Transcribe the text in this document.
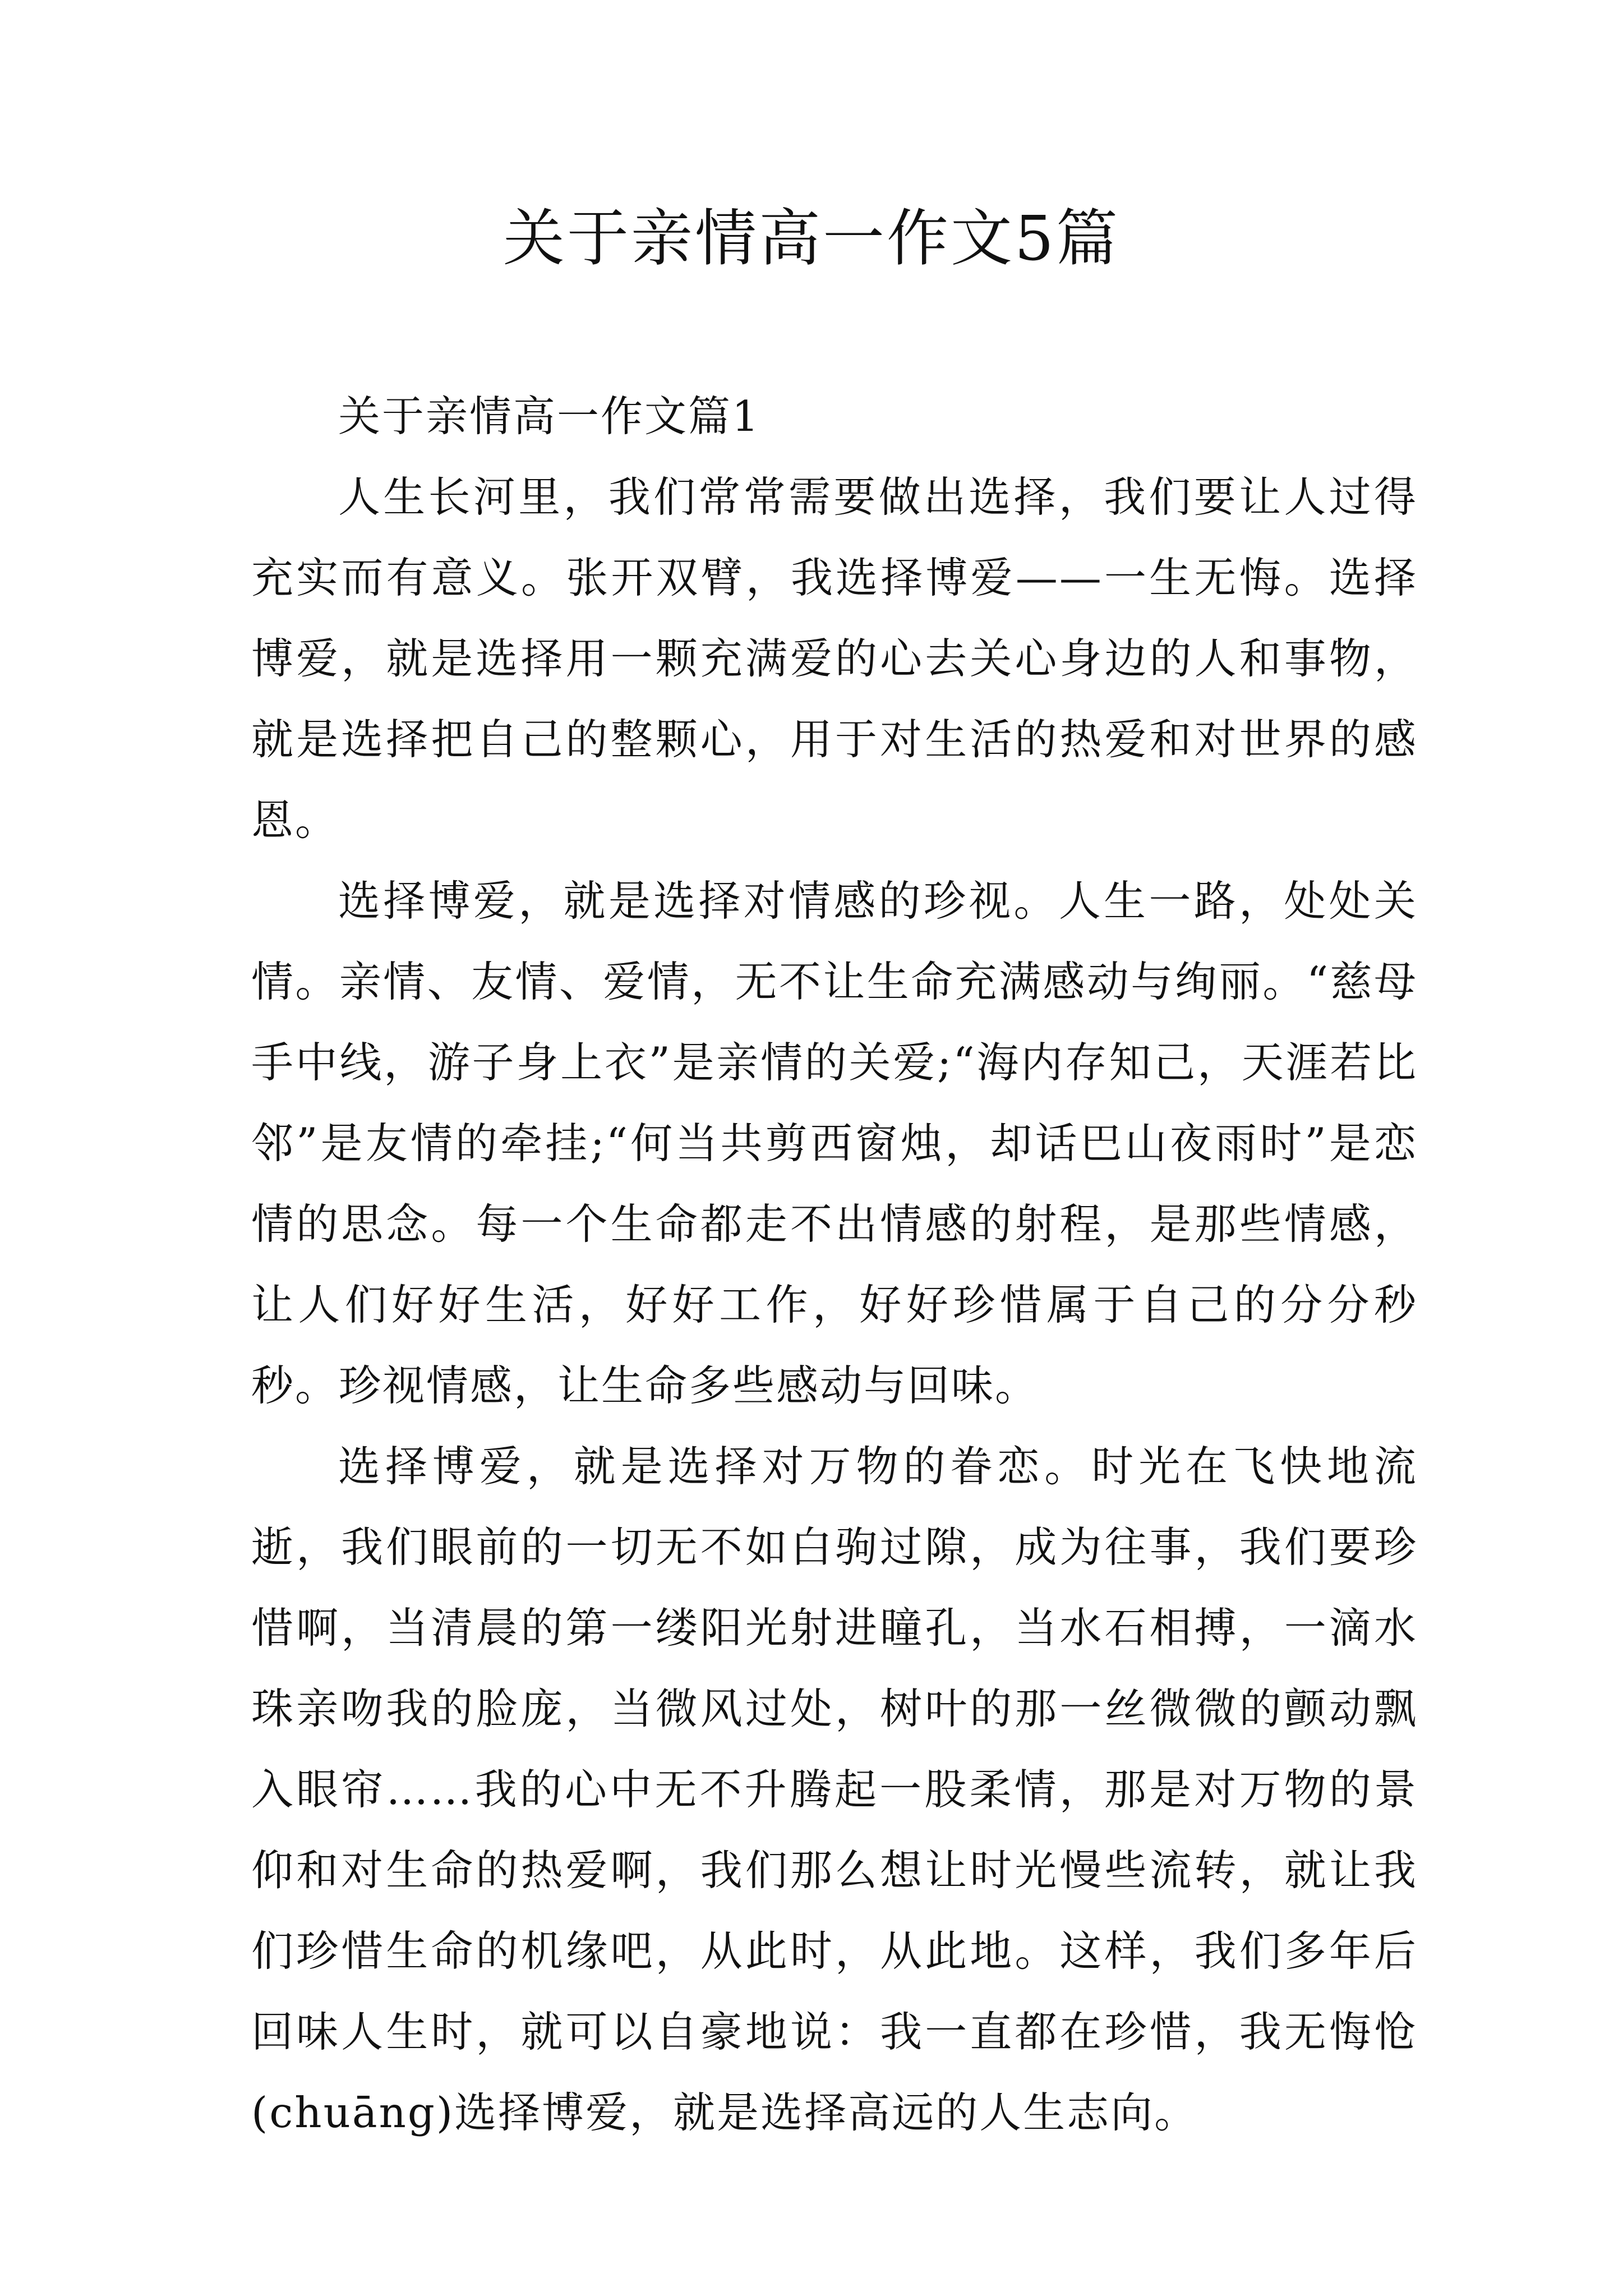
关于亲情高一作文5篇
关于亲情高一作文篇1

人生长河里，我们常常需要做出选择，我们要让人过得充实而有意义。张开双臂，我选择博爱——一生无悔。选择博爱，就是选择用一颗充满爱的心去关心身边的人和事物，就是选择把自己的整颗心，用于对生活的热爱和对世界的感恩。

选择博爱，就是选择对情感的珍视。人生一路，处处关情。亲情、友情、爱情，无不让生命充满感动与绚丽。“慈母手中线，游子身上衣”是亲情的关爱;“海内存知己，天涯若比邻”是友情的牵挂;“何当共剪西窗烛，却话巴山夜雨时”是恋情的思念。每一个生命都走不出情感的射程，是那些情感，让人们好好生活，好好工作，好好珍惜属于自己的分分秒秒。珍视情感，让生命多些感动与回味。

选择博爱，就是选择对万物的眷恋。时光在飞快地流逝，我们眼前的一切无不如白驹过隙，成为往事，我们要珍惜啊，当清晨的第一缕阳光射进瞳孔，当水石相搏，一滴水珠亲吻我的脸庞，当微风过处，树叶的那一丝微微的颤动飘入眼帘……我的心中无不升腾起一股柔情，那是对万物的景仰和对生命的热爱啊，我们那么想让时光慢些流转，就让我们珍惜生命的机缘吧，从此时，从此地。这样，我们多年后回味人生时，就可以自豪地说：我一直都在珍惜，我无悔怆(chuāng)选择博爱，就是选择高远的人生志向。
